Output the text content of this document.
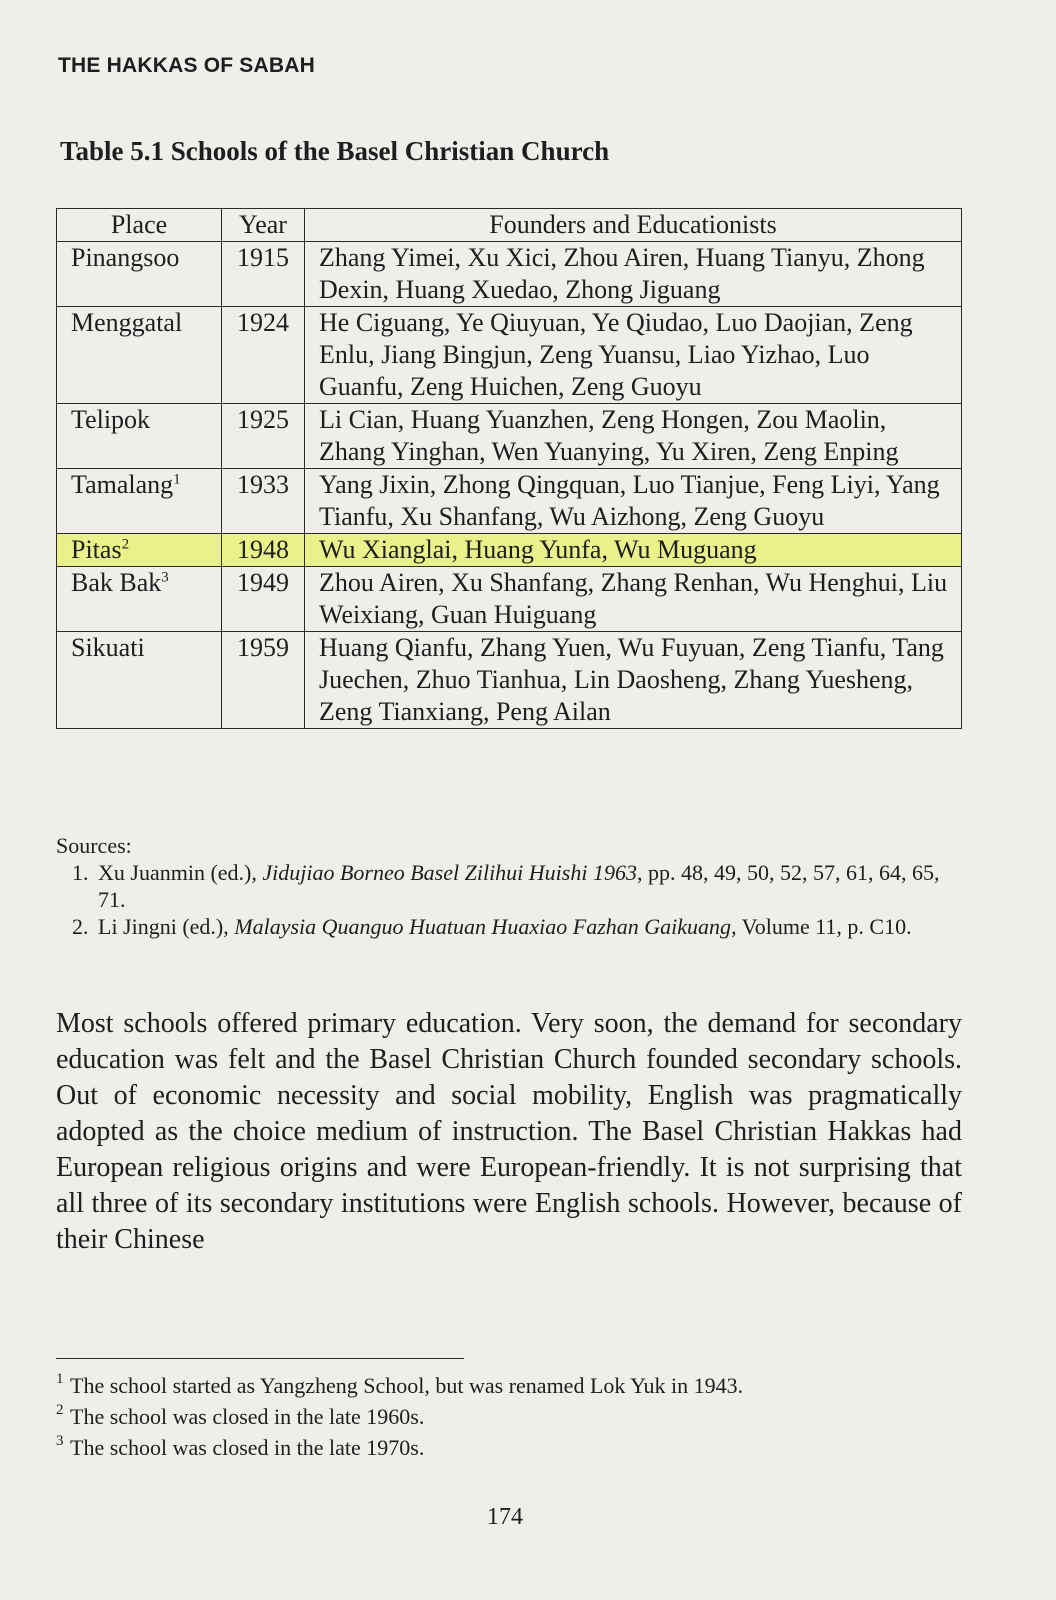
THE HAKKAS OF SABAH
Table 5.1 Schools of the Basel Christian Church
Place	Year	Founders and Educationists
Pinangsoo	1915	Zhang Yimei, Xu Xici, Zhou Airen, Huang Tianyu, Zhong Dexin, Huang Xuedao, Zhong Jiguang
Menggatal	1924	He Ciguang, Ye Qiuyuan, Ye Qiudao, Luo Daojian, Zeng Enlu, Jiang Bingjun, Zeng Yuansu, Liao Yizhao, Luo Guanfu, Zeng Huichen, Zeng Guoyu
Telipok	1925	Li Cian, Huang Yuanzhen, Zeng Hongen, Zou Maolin, Zhang Yinghan, Wen Yuanying, Yu Xiren, Zeng Enping
Tamalang$^1$	1933	Yang Jixin, Zhong Qingquan, Luo Tianjue, Feng Liyi, Yang Tianfu, Xu Shanfang, Wu Aizhong, Zeng Guoyu
Pitas$^2$	1948	Wu Xianglai, Huang Yunfa, Wu Muguang
Bak Bak$^3$	1949	Zhou Airen, Xu Shanfang, Zhang Renhan, Wu Henghui, Liu Weixiang, Guan Huiguang
Sikuati	1959	Huang Qianfu, Zhang Yuen, Wu Fuyuan, Zeng Tianfu, Tang Juechen, Zhuo Tianhua, Lin Daosheng, Zhang Yuesheng, Zeng Tianxiang, Peng Ailan
Sources:
1. Xu Juanmin (ed.), Jidujiao Borneo Basel Zilihui Huishi 1963, pp. 48, 49, 50, 52, 57, 61, 64, 65, 71.
2. Li Jingni (ed.), Malaysia Quanguo Huatuan Huaxiao Fazhan Gaikuang, Volume 11, p. C10.

Most schools offered primary education. Very soon, the demand for secondary education was felt and the Basel Christian Church founded secondary schools. Out of economic necessity and social mobility, English was pragmatically adopted as the choice medium of instruction. The Basel Christian Hakkas had European religious origins and were European-friendly. It is not surprising that all three of its secondary institutions were English schools. However, because of their Chinese

1 The school started as Yangzheng School, but was renamed Lok Yuk in 1943.
2 The school was closed in the late 1960s.
3 The school was closed in the late 1970s.
174
